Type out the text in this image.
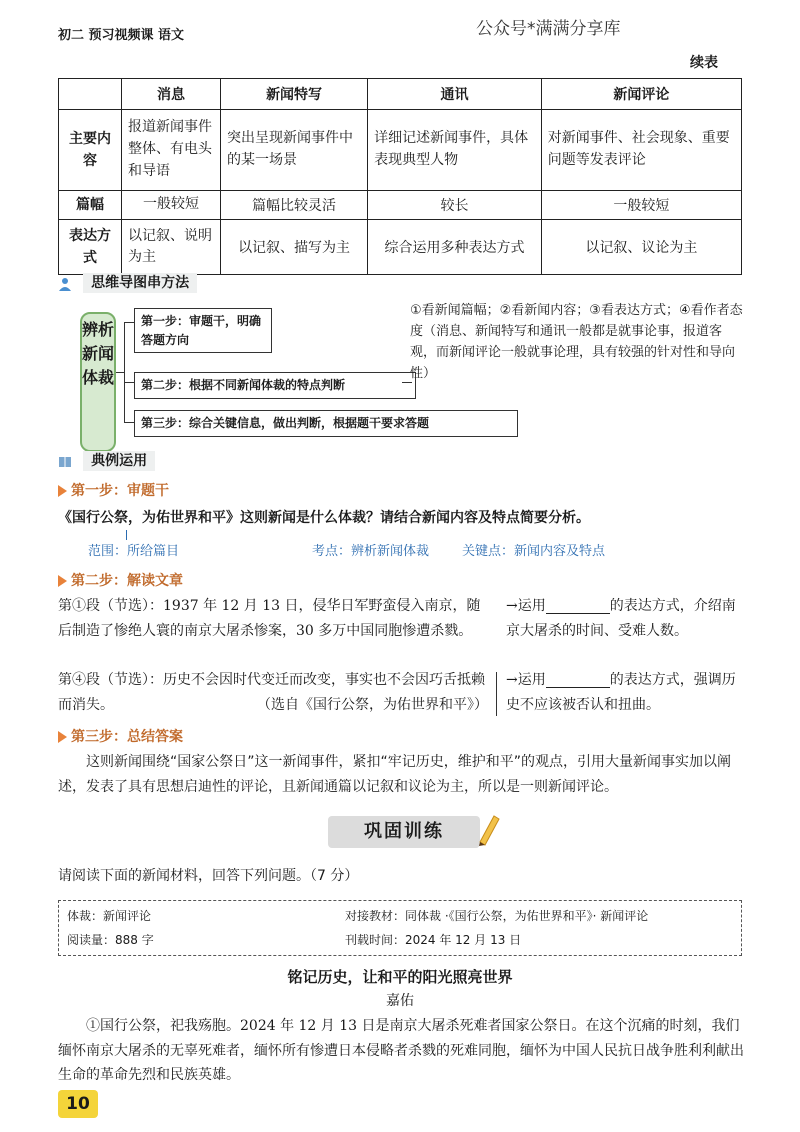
初二 预习视频课 语文	公众号*满满分享库
续表
	消息	新闻特写	通讯	新闻评论
主要内容	报道新闻事件整体、有电头和导语	突出呈现新闻事件中的某一场景	详细记述新闻事件，具体表现典型人物	对新闻事件、社会现象、重要问题等发表评论
篇幅	一般较短	篇幅比较灵活	较长	一般较短
表达方式	以记叙、说明为主	以记叙、描写为主	综合运用多种表达方式	以记叙、议论为主
思维导图串方法
辨析新闻体裁
第一步：审题干，明确答题方向
第二步：根据不同新闻体裁的特点判断
第三步：综合关键信息，做出判断，根据题干要求答题
①看新闻篇幅；②看新闻内容；③看表达方式；④看作者态度（消息、新闻特写和通讯一般都是就事论事，报道客观，而新闻评论一般就事论理，具有较强的针对性和导向性）
典例运用
第一步：审题干
《国行公祭，为佑世界和平》这则新闻是什么体裁？请结合新闻内容及特点简要分析。
范围：所给篇目	考点：辨析新闻体裁	关键点：新闻内容及特点
第二步：解读文章
第①段（节选）：1937 年 12 月 13 日，侵华日军野蛮侵入南京，随后制造了惨绝人寰的南京大屠杀惨案，30 多万中国同胞惨遭杀戮。
→运用	的表达方式，介绍南京大屠杀的时间、受难人数。
第④段（节选）：历史不会因时代变迁而改变，事实也不会因巧舌抵赖而消失。	（选自《国行公祭，为佑世界和平》）
→运用	的表达方式，强调历史不应该被否认和扭曲。
第三步：总结答案
这则新闻围绕“国家公祭日”这一新闻事件，紧扣“牢记历史，维护和平”的观点，引用大量新闻事实加以阐述，发表了具有思想启迪性的评论，且新闻通篇以记叙和议论为主，所以是一则新闻评论。
巩固训练
请阅读下面的新闻材料，回答下列问题。（7 分）
体裁：新闻评论	对接教材：同体裁 ·《国行公祭，为佑世界和平》· 新闻评论
阅读量：888 字	刊载时间：2024 年 12 月 13 日
铭记历史，让和平的阳光照亮世界
嘉佑
①国行公祭，祀我殇胞。2024 年 12 月 13 日是南京大屠杀死难者国家公祭日。在这个沉痛的时刻，我们缅怀南京大屠杀的无辜死难者，缅怀所有惨遭日本侵略者杀戮的死难同胞，缅怀为中国人民抗日战争胜利利献出生命的革命先烈和民族英雄。
10
